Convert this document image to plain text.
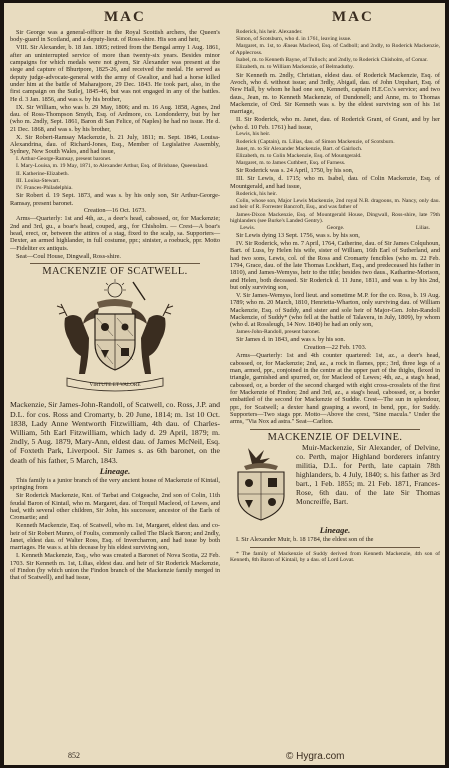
MAC	MAC

Sir George was a general-officer in the Royal Scottish archers, the Queen's body-guard in Scotland, and a deputy-lieut. of Ross-shire. His son and heir,

VIII. Sir Alexander, b. 18 Jan. 1805; retired from the Bengal army 1 Aug. 1861, after an uninterrupted service of more than twenty-six years. Besides minor campaigns for which medals were not given, Sir Alexander was present at the siege and capture of Bhurtpore, 1825-26, and received the medal. He served as deputy judge-advocate-general with the army of Gwalior, and had a horse killed under him at the battle of Maharajpore, 29 Dec. 1843. He took part, also, in the first campaign on the Sutlej, 1845-46, but was not engaged in any of the battles. He d. 3 Jan. 1856, and was s. by his brother,

IX. Sir William, who was b. 29 May, 1806; and m. 16 Aug. 1858, Agnes, 2nd dau. of Ross-Thompson Smyth, Esq. of Ardmore, co. Londonderry, but by her (who m. 2ndly, Sept. 1861, Baron di San Felice, of Naples) he had no issue. He d. 21 Dec. 1868, and was s. by his brother,

X. Sir Robert-Ramsay Mackenzie, b. 21 July, 1811; m. Sept. 1846, Louisa-Alexandrina, dau. of Richard-Jones, Esq., Member of Legislative Assembly, Sydney, New South Wales, and had issue,

I. Arthur-George-Ramsay, present baronet.

I. Mary-Louisa, m. 19 May, 1871, to Alexander Arthur, Esq. of Brisbane, Queensland.

II. Katherine-Elizabeth.

III. Louisa-Stewart.

IV. Frances-Philadelphia.

Sir Robert d. 19 Sept. 1873, and was s. by his only son, Sir Arthur-George-Ramsay, present baronet.

Creation—16 Oct. 1673.

Arms—Quarterly: 1st and 4th, az., a deer's head, cabossed, or, for Mackenzie; 2nd and 3rd, gu., a boar's head, couped, arg., for Chisholm. — Crest—A boar's head, erect, or, between the attires of a stag, fixed to the scalp, sa. Supporters—Dexter, an armed highlander, in full costume, ppr.; sinister, a roebuck, ppr. Motto—Fideliter ex antiquis.

Seat—Coul House, Dingwall, Ross-shire.

MACKENZIE OF SCATWELL.
VIRTUTE ET VALORE

Mackenzie, Sir James-John-Randoll, of Scatwell, co. Ross, J.P. and D.L. for cos. Ross and Cromarty, b. 20 June, 1814; m. 1st 10 Oct. 1838, Lady Anne Wentworth Fitzwilliam, 4th dau. of Charles-William, 5th Earl Fitzwilliam, which lady d. 29 April, 1879; m. 2ndly, 5 Aug. 1879, Mary-Ann, eldest dau. of James McNeil, Esq. of Foxteth Park, Liverpool. Sir James s. as 6th baronet, on the death of his father, 5 March, 1843.

Lineage.

This family is a junior branch of the very ancient house of Mackenzie of Kintail, springing from

Sir Roderick Mackenzie, Knt. of Tarbat and Coigeache, 2nd son of Colin, 11th feudal Baron of Kintail, who m. Margaret, dau. of Torquil Macleod, of Lewes, and had, with several other children, Sir John, his successor, ancestor of the Earls of Cromartie; and

Kenneth Mackenzie, Esq. of Scatwell, who m. 1st, Margaret, eldest dau. and co-heir of Sir Robert Munro, of Foulis, commonly called The Black Baron; and 2ndly, Janet, eldest dau. of Walter Ross, Esq. of Invercharron, and had issue by both marriages. He was s. at his decease by his eldest surviving son,

I. Kenneth Mackenzie, Esq., who was created a Baronet of Nova Scotia, 22 Feb. 1703. Sir Kenneth m. 1st, Lilias, eldest dau. and heir of Sir Roderick Mackenzie, of Findon (by which union the Findon branch of the Mackenzie family merged in that of Scatwell), and had issue,

Roderick, his heir. Alexander.

Simon, of Scotsburn, who d. in 1761, leaving issue.

Margaret, m. 1st, to Æneas Macleod, Esq. of Cadboll; and 2ndly, to Roderick Mackenzie, of Applecross.

Isabel, m. to Kenneth Bayne, of Tulloch; and 2ndly, to Roderick Chisholm, of Comar.

Elizabeth, m. to William Mackenzie, of Belmaduthy.

Sir Kenneth m. 2ndly, Christian, eldest dau. of Roderick Mackenzie, Esq. of Avoch, who d. without issue; and 3rdly, Abigail, dau. of John Urquhart, Esq. of New Hall, by whom he had one son, Kenneth, captain H.E.Co.'s service; and two daus., Jean, m. to Kenneth Mackenzie, of Dundonell; and Anne, m. to Thomas Mackenzie, of Ord. Sir Kenneth was s. by the eldest surviving son of his 1st marriage,

II. Sir Roderick, who m. Janet, dau. of Roderick Grant, of Grant, and by her (who d. 10 Feb. 1761) had issue,

Lewis, his heir.

Roderick (Captain), m. Lilias, dau. of Simon Mackenzie, of Scotsburn.

Janet, m. to Sir Alexander Mackenzie, Bart. of Gairloch.

Elizabeth, m. to Colin Mackenzie, Esq. of Mountgerald.

Margaret, m. to James Cuthbert, Esq. of Farness.

Sir Roderick was s. 24 April, 1750, by his son,

III. Sir Lewis, d. 1715; who m. Isabel, dau. of Colin Mackenzie, Esq. of Mountgerald, and had issue,

Roderick, his heir.

Colin, whose son, Major Lewis Mackenzie, 2nd royal N.B. dragoons, m. Nancy, only dau. and heir of R. Forrester Bancroft, Esq., and was father of

James-Dixon Mackenzie, Esq. of Mountgerald House, Dingwall, Ross-shire, late 79th highlanders (see Burke's Landed Gentry).

Lewis.	George.	Lilias.

Sir Lewis dying 13 Sept. 1756, was s. by his son,

IV. Sir Roderick, who m. 7 April, 1764, Catherine, dau. of Sir James Colquhoun, Bart. of Luss, by Helen his wife, sister of William, 16th Earl of Sutherland, and had two sons, Lewis, col. of the Ross and Cromarty fencibles (who m. 22 Feb. 1794, Grace, dau. of the late Thomas Lockhart, Esq., and predeceased his father in 1810), and James-Wemyss, heir to the title; besides two daus., Katharine-Morison, and Helen, both deceased. Sir Roderick d. 11 June, 1811, and was s. by his 2nd, but only surviving son,

V. Sir James-Wemyss, lord lieut. and sometime M.P. for the co. Ross, b. 19 Aug. 1789; who m. 20 March, 1810, Henrietta-Wharton, only surviving dau. of William Mackenzie, Esq. of Suddy, and sister and sole heir of Major-Gen. John-Randoll Mackenzie, of Suddy* (who fell at the battle of Talavera, in July, 1809), by whom (who d. at Rossleugh, 14 Nov. 1840) he had an only son,

James-John-Randoll, present baronet.

Sir James d. in 1843, and was s. by his son.

Creation—22 Feb. 1703.

Arms—Quarterly: 1st and 4th counter quartered: 1st, az., a deer's head, cabossed, or, for Mackenzie; 2nd, az., a rock in flames, ppr.; 3rd, three legs of a man, armed, ppr., conjoined in the centre at the upper part of the thighs, flexed in triangle, garnished and spurred, or, for Macleod of Lewes; 4th, az., a stag's head, cabossed, or, a border of the second charged with eight cross-crosslets of the first for Mackenzie of Findon; 2nd and 3rd, az., a stag's head, cabossed, or, a border embattled of the second for Mackenzie of Suddie. Crest—The sun in splendour, ppr., for Scatwell; a dexter hand grasping a sword, in bend, ppr., for Suddy. Supporters—Two stags ppr. Motto—Above the crest, "Sine macula." Under the arms, "Via Nox ad astra." Seat—Carlton.

MACKENZIE OF DELVINE.

Muir-Mackenzie, Sir Alexander, of Delvine, co. Perth, major Highland borderers infantry militia, D.L. for Perth, late captain 78th highlanders, b. 4 July, 1840; s. his father as 3rd bart., 1 Feb. 1855; m. 21 Feb. 1871, Frances-Rose, 6th dau. of the late Sir Thomas Moncreiffe, Bart.

Lineage.

I. Sir Alexander Muir, b. 18 1784, the eldest son of the

* The family of Mackenzie of Suddy derived from Kenneth Mackenzie, 4th son of Kenneth, 8th Baron of Kintail, by a dau. of Lord Lovat.

852	© Hygra.com
